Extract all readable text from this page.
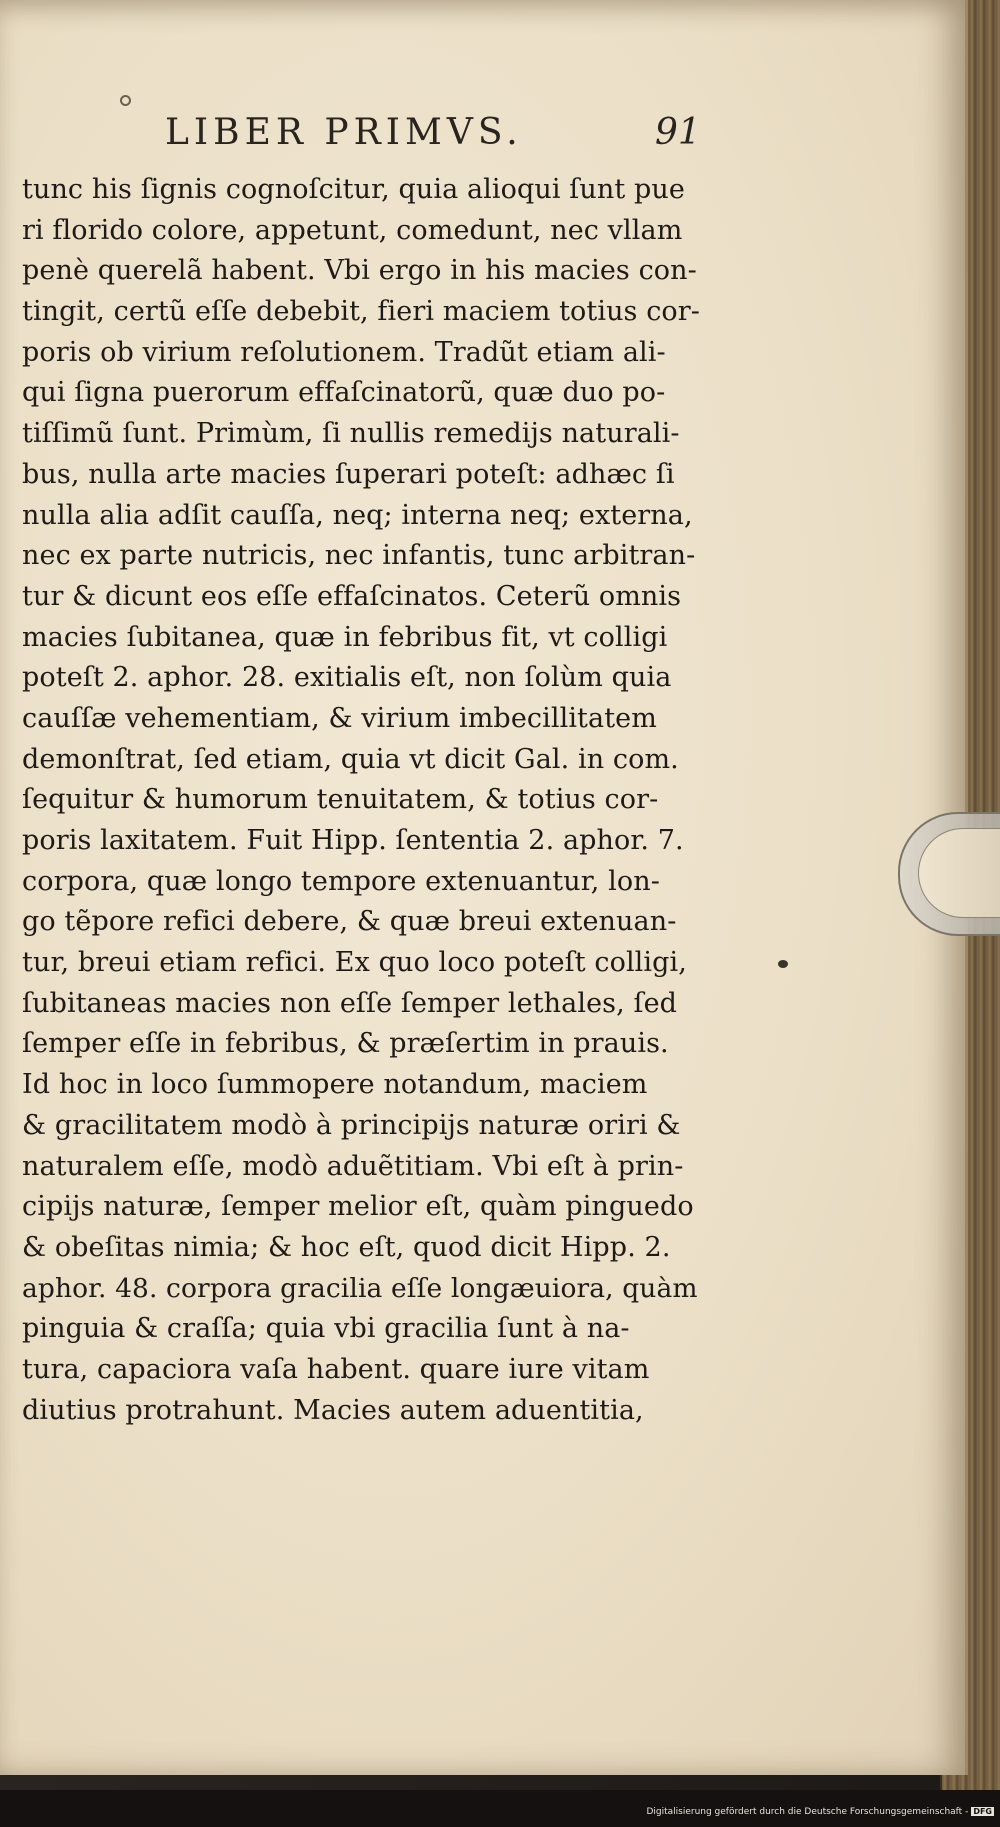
LIBER PRIMVS.	91
tunc his ſignis cognoſcitur, quia alioqui ſunt pue
ri florido colore, appetunt, comedunt, nec vllam
penè querelã habent. Vbi ergo in his macies con-
tingit, certũ eſſe debebit, fieri maciem totius cor-
poris ob virium reſolutionem. Tradũt etiam ali-
qui ſigna puerorum effaſcinatorũ, quæ duo po-
tiſſimũ ſunt. Primùm, ſi nullis remedijs naturali-
bus, nulla arte macies ſuperari poteſt: adhæc ſi
nulla alia adſit cauſſa, neq; interna neq; externa,
nec ex parte nutricis, nec infantis, tunc arbitran-
tur & dicunt eos eſſe effaſcinatos. Ceterũ omnis
macies ſubitanea, quæ in febribus fit, vt colligi
poteſt 2. aphor. 28. exitialis eſt, non ſolùm quia
cauſſæ vehementiam, & virium imbecillitatem
demonſtrat, ſed etiam, quia vt dicit Gal. in com.
ſequitur & humorum tenuitatem, & totius cor-
poris laxitatem. Fuit Hipp. ſententia 2. aphor. 7.
corpora, quæ longo tempore extenuantur, lon-
go tẽpore refici debere, & quæ breui extenuan-
tur, breui etiam refici. Ex quo loco poteſt colligi,
ſubitaneas macies non eſſe ſemper lethales, ſed
ſemper eſſe in febribus, & præſertim in prauis.
Id hoc in loco ſummopere notandum, maciem
& gracilitatem modò à principijs naturæ oriri &
naturalem eſſe, modò aduẽtitiam. Vbi eſt à prin-
cipijs naturæ, ſemper melior eſt, quàm pinguedo
& obeſitas nimia; & hoc eſt, quod dicit Hipp. 2.
aphor. 48. corpora gracilia eſſe longæuiora, quàm
pinguia & craſſa; quia vbi gracilia ſunt à na-
tura, capaciora vaſa habent. quare iure vitam
diutius protrahunt. Macies autem aduentitia,
Digitalisierung gefördert durch die Deutsche Forschungsgemeinschaft - DFG
